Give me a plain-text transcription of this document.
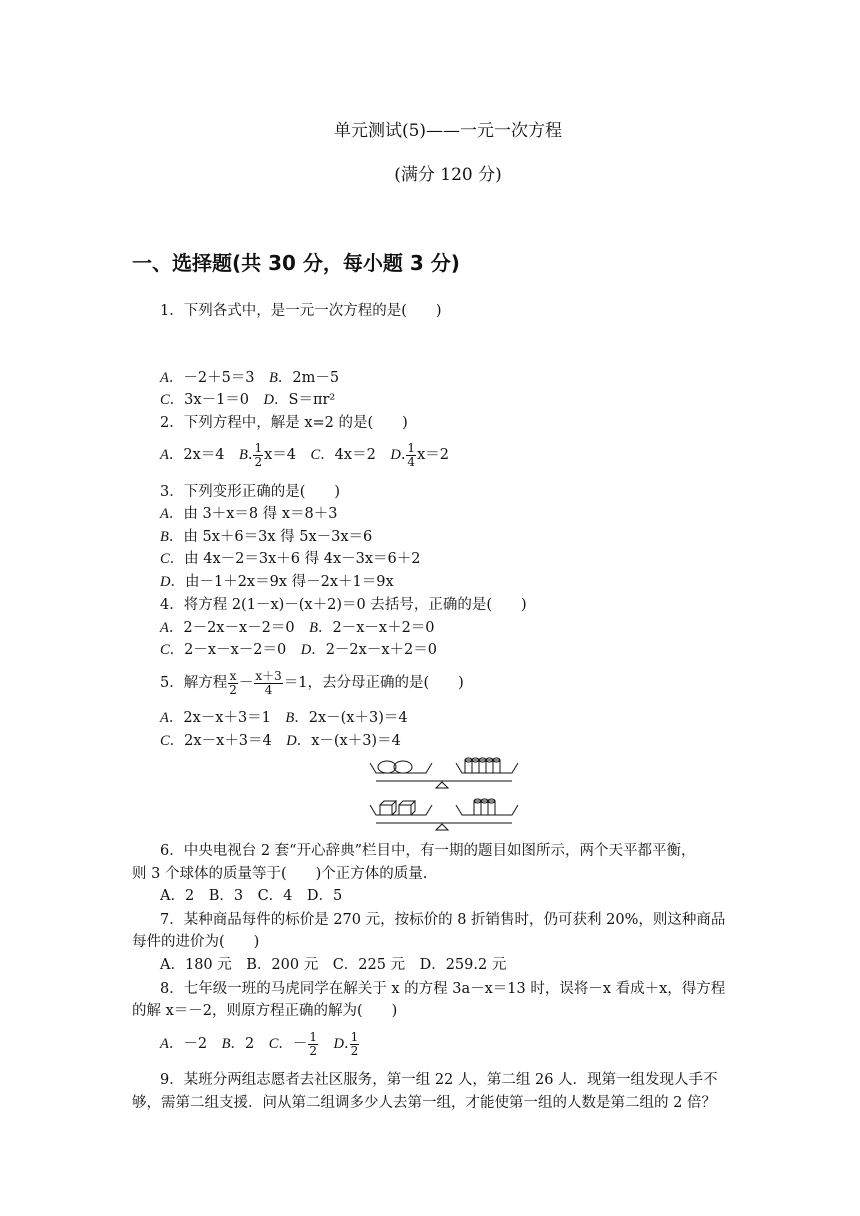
单元测试(5)——一元一次方程
(满分 120 分)
一、选择题(共 30 分，每小题 3 分)
1．下列各式中，是一元一次方程的是(　　)
A．－2＋5＝3　 B．2m－5
C．3x－1＝0　 D．S＝πr²
2．下列方程中，解是 x=2 的是(　　)
A．2x＝4　B. $\frac{1}{2} x=4$　C．4x＝2　D. $\frac{1}{4} x=2$
3．下列变形正确的是(　　)
A．由 3＋x＝8 得 x＝8＋3
B．由 5x＋6＝3x 得 5x－3x＝6
C．由 4x－2＝3x＋6 得 4x－3x＝6＋2
D．由－1＋2x＝9x 得－2x＋1＝9x
4．将方程 2(1－x)－(x＋2)＝0 去括号，正确的是(　　)
A．2－2x－x－2＝0　 B．2－x－x＋2＝0
C．2－x－x－2＝0　 D．2－2x－x＋2＝0
5．解方程 $\frac{x}{2} - \frac{x+3}{4} =1$，去分母正确的是(　　)
A．2x－x＋3＝1　 B．2x－(x＋3)＝4
C．2x－x＋3＝4　 D．x－(x＋3)＝4
6．中央电视台 2 套“开心辞典”栏目中，有一期的题目如图所示，两个天平都平衡，
则 3 个球体的质量等于(　　)个正方体的质量.
A．2　B．3　C．4　D．5
7．某种商品每件的标价是 270 元，按标价的 8 折销售时，仍可获利 20%，则这种商品
每件的进价为(　　)
A．180 元　B．200 元　C．225 元　D．259.2 元
8．七年级一班的马虎同学在解关于 x 的方程 3a－x＝13 时，误将－x 看成＋x，得方程
的解 x＝－2，则原方程正确的解为(　　)
A．－2　B．2　C．－ $\frac{1}{2}$
　 D. $\frac{1}{2}$
9．某班分两组志愿者去社区服务，第一组 22 人，第二组 26 人．现第一组发现人手不
够，需第二组支援．问从第二组调多少人去第一组，才能使第一组的人数是第二组的 2 倍？
